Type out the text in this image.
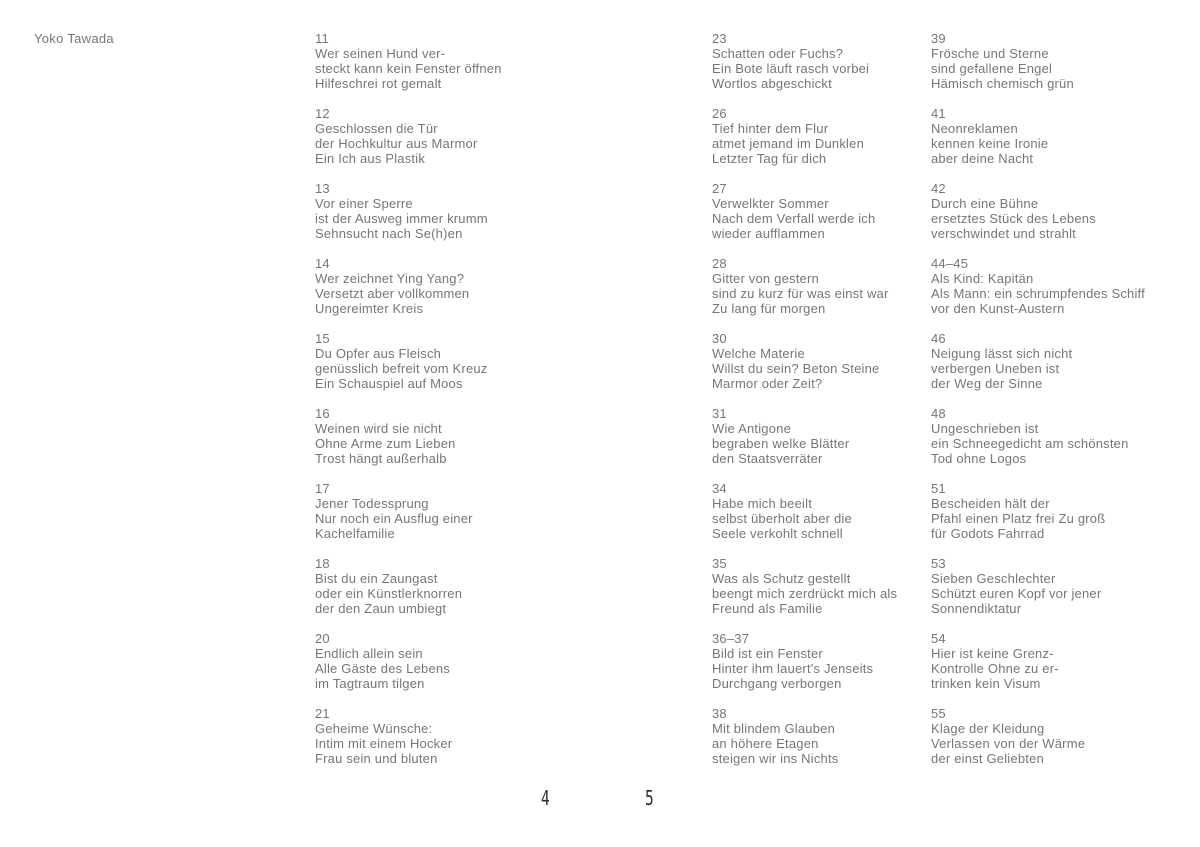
Yoko Tawada	11
Wer seinen Hund ver-
steckt kann kein Fenster öffnen
Hilfeschrei rot gemalt
12
Geschlossen die Tür
der Hochkultur aus Marmor
Ein Ich aus Plastik
13
Vor einer Sperre
ist der Ausweg immer krumm
Sehnsucht nach Se(h)en
14
Wer zeichnet Ying Yang?
Versetzt aber vollkommen
Ungereimter Kreis
15
Du Opfer aus Fleisch
genüsslich befreit vom Kreuz
Ein Schauspiel auf Moos
16
Weinen wird sie nicht
Ohne Arme zum Lieben
Trost hängt außerhalb
17
Jener Todessprung
Nur noch ein Ausflug einer
Kachelfamilie
18
Bist du ein Zaungast
oder ein Künstlerknorren
der den Zaun umbiegt
20
Endlich allein sein
Alle Gäste des Lebens
im Tagtraum tilgen
21
Geheime Wünsche:
Intim mit einem Hocker
Frau sein und bluten
23
Schatten oder Fuchs?
Ein Bote läuft rasch vorbei
Wortlos abgeschickt
26
Tief hinter dem Flur
atmet jemand im Dunklen
Letzter Tag für dich
27
Verwelkter Sommer
Nach dem Verfall werde ich
wieder aufflammen
28
Gitter von gestern
sind zu kurz für was einst war
Zu lang für morgen
30
Welche Materie
Willst du sein? Beton Steine
Marmor oder Zeit?
31
Wie Antigone
begraben welke Blätter
den Staatsverräter
34
Habe mich beeilt
selbst überholt aber die
Seele verkohlt schnell
35
Was als Schutz gestellt
beengt mich zerdrückt mich als
Freund als Familie
36–37
Bild ist ein Fenster
Hinter ihm lauert's Jenseits
Durchgang verborgen
38
Mit blindem Glauben
an höhere Etagen
steigen wir ins Nichts
39
Frösche und Sterne
sind gefallene Engel
Hämisch chemisch grün
41
Neonreklamen
kennen keine Ironie
aber deine Nacht
42
Durch eine Bühne
ersetztes Stück des Lebens
verschwindet und strahlt
44–45
Als Kind: Kapitän
Als Mann: ein schrumpfendes Schiff
vor den Kunst-Austern
46
Neigung lässt sich nicht
verbergen Uneben ist
der Weg der Sinne
48
Ungeschrieben ist
ein Schneegedicht am schönsten
Tod ohne Logos
51
Bescheiden hält der
Pfahl einen Platz frei Zu groß
für Godots Fahrrad
53
Sieben Geschlechter
Schützt euren Kopf vor jener
Sonnendiktatur
54
Hier ist keine Grenz-
Kontrolle Ohne zu er-
trinken kein Visum
55
Klage der Kleidung
Verlassen von der Wärme
der einst Geliebten
4	5
